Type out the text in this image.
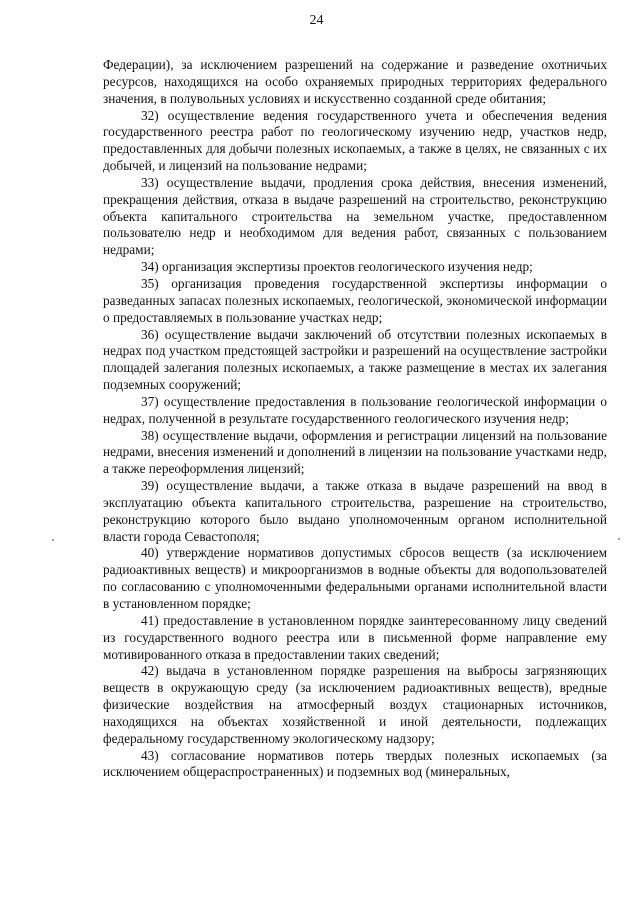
24

Федерации), за исключением разрешений на содержание и разведение охотничьих ресурсов, находящихся на особо охраняемых природных территориях федерального значения, в полувольных условиях и искусственно созданной среде обитания;

32) осуществление ведения государственного учета и обеспечения ведения государственного реестра работ по геологическому изучению недр, участков недр, предоставленных для добычи полезных ископаемых, а также в целях, не связанных с их добычей, и лицензий на пользование недрами;

33) осуществление выдачи, продления срока действия, внесения изменений, прекращения действия, отказа в выдаче разрешений на строительство, реконструкцию объекта капитального строительства на земельном участке, предоставленном пользователю недр и необходимом для ведения работ, связанных с пользованием недрами;

34) организация экспертизы проектов геологического изучения недр;

35) организация проведения государственной экспертизы информации о разведанных запасах полезных ископаемых, геологической, экономической информации о предоставляемых в пользование участках недр;

36) осуществление выдачи заключений об отсутствии полезных ископаемых в недрах под участком предстоящей застройки и разрешений на осуществление застройки площадей залегания полезных ископаемых, а также размещение в местах их залегания подземных сооружений;

37) осуществление предоставления в пользование геологической информации о недрах, полученной в результате государственного геологического изучения недр;

38) осуществление выдачи, оформления и регистрации лицензий на пользование недрами, внесения изменений и дополнений в лицензии на пользование участками недр, а также переоформления лицензий;

39) осуществление выдачи, а также отказа в выдаче разрешений на ввод в эксплуатацию объекта капитального строительства, разрешение на строительство, реконструкцию которого было выдано уполномоченным органом исполнительной власти города Севастополя;

40) утверждение нормативов допустимых сбросов веществ (за исключением радиоактивных веществ) и микроорганизмов в водные объекты для водопользователей по согласованию с уполномоченными федеральными органами исполнительной власти в установленном порядке;

41) предоставление в установленном порядке заинтересованному лицу сведений из государственного водного реестра или в письменной форме направление ему мотивированного отказа в предоставлении таких сведений;

42) выдача в установленном порядке разрешения на выбросы загрязняющих веществ в окружающую среду (за исключением радиоактивных веществ), вредные физические воздействия на атмосферный воздух стационарных источников, находящихся на объектах хозяйственной и иной деятельности, подлежащих федеральному государственному экологическому надзору;

43) согласование нормативов потерь твердых полезных ископаемых (за исключением общераспространенных) и подземных вод (минеральных,
